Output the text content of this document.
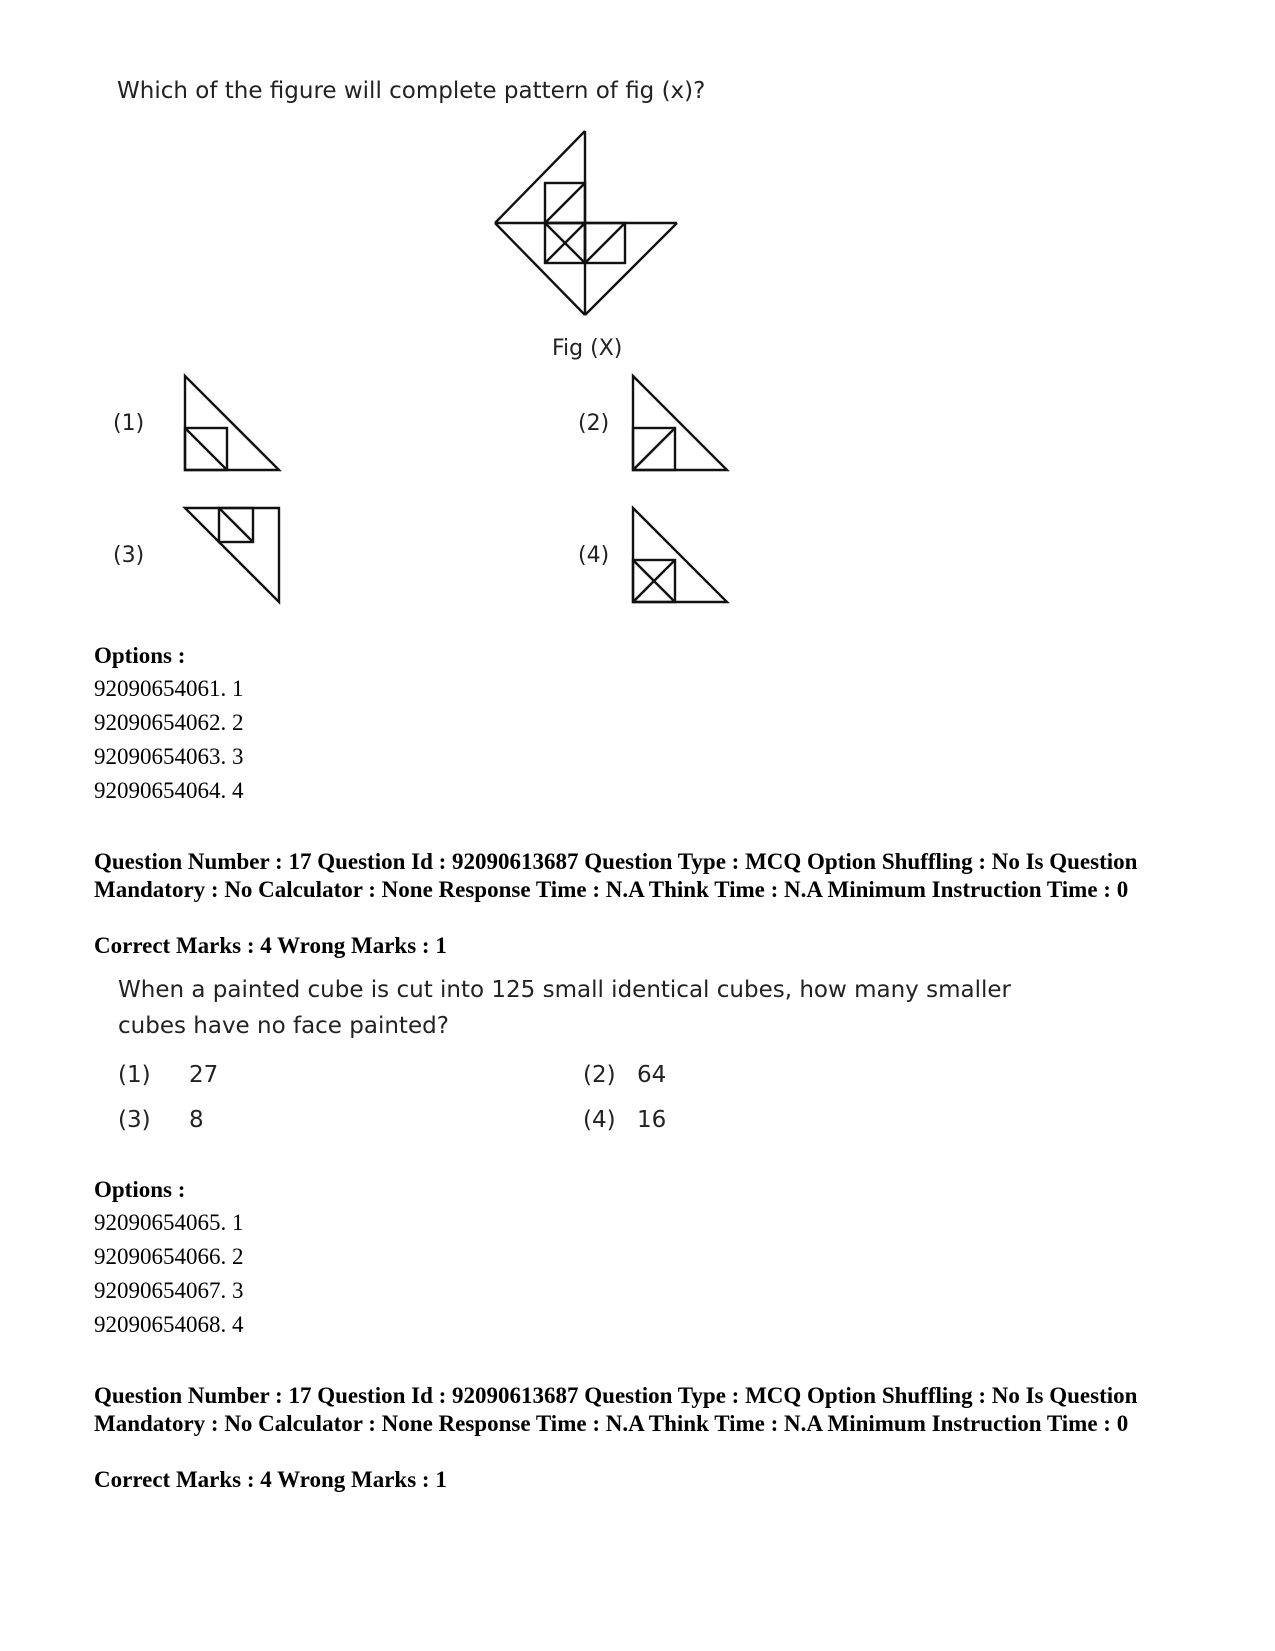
Which of the figure will complete pattern of fig (x)?
Fig (X)
(1)	(2)
(3)	(4)
Options :
92090654061. 1
92090654062. 2
92090654063. 3
92090654064. 4
Question Number : 17 Question Id : 92090613687 Question Type : MCQ Option Shuffling : No Is Question Mandatory : No Calculator : None Response Time : N.A Think Time : N.A Minimum Instruction Time : 0
Correct Marks : 4 Wrong Marks : 1
When a painted cube is cut into 125 small identical cubes, how many smaller cubes have no face painted?
(1) 27	(2) 64
(3) 8	(4) 16
Options :
92090654065. 1
92090654066. 2
92090654067. 3
92090654068. 4
Question Number : 17 Question Id : 92090613687 Question Type : MCQ Option Shuffling : No Is Question Mandatory : No Calculator : None Response Time : N.A Think Time : N.A Minimum Instruction Time : 0
Correct Marks : 4 Wrong Marks : 1
